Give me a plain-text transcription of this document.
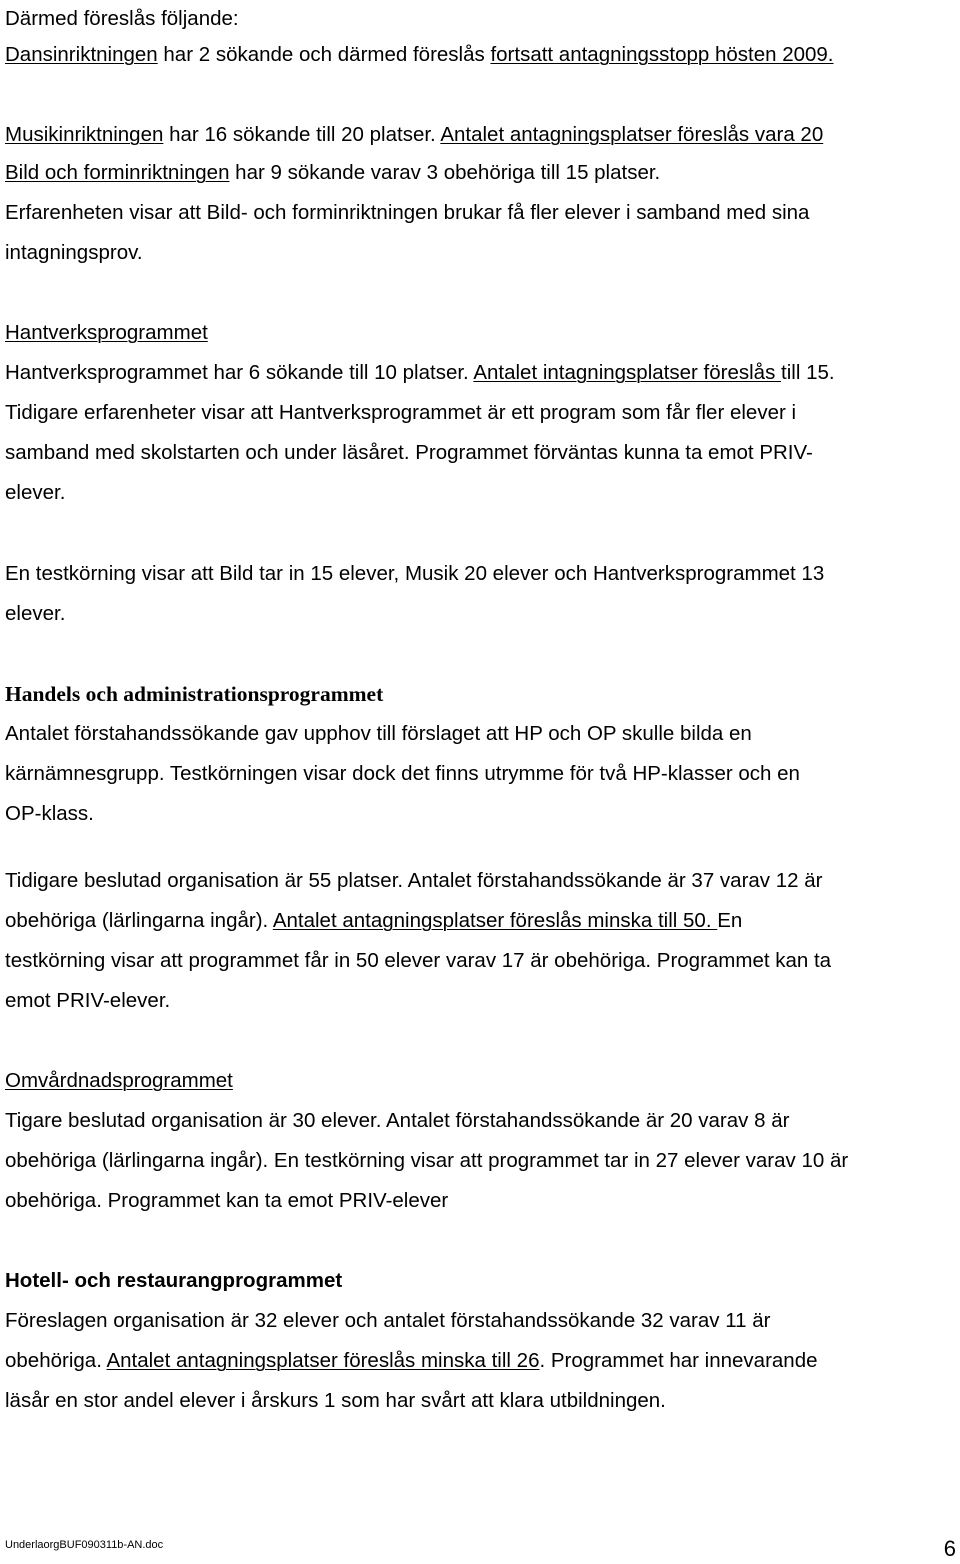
Därmed föreslås följande:
Dansinriktningen har 2 sökande och därmed föreslås fortsatt antagningsstopp hösten 2009.
Musikinriktningen har 16 sökande till 20 platser. Antalet antagningsplatser föreslås vara 20
Bild och forminriktningen har 9 sökande varav 3 obehöriga till 15 platser.
Erfarenheten visar att Bild- och forminriktningen brukar få fler elever i samband med sina
intagningsprov.
Hantverksprogrammet
Hantverksprogrammet har 6 sökande till 10 platser. Antalet intagningsplatser föreslås till 15.
Tidigare erfarenheter visar att Hantverksprogrammet är ett program som får fler elever i
samband med skolstarten och under läsåret. Programmet förväntas kunna ta emot PRIV-
elever.
En testkörning visar att Bild tar in 15 elever, Musik 20 elever och Hantverksprogrammet 13
elever.
Handels och administrationsprogrammet
Antalet förstahandssökande gav upphov till förslaget att HP och OP skulle bilda en
kärnämnesgrupp. Testkörningen visar dock det finns utrymme för två HP-klasser och en
OP-klass.
Tidigare beslutad organisation är 55 platser. Antalet förstahandssökande är 37 varav 12 är
obehöriga (lärlingarna ingår). Antalet antagningsplatser föreslås minska till 50. En
testkörning visar att programmet får in 50 elever varav 17 är obehöriga. Programmet kan ta
emot PRIV-elever.
Omvårdnadsprogrammet
Tigare beslutad organisation är 30 elever. Antalet förstahandssökande är 20 varav 8 är
obehöriga (lärlingarna ingår). En testkörning visar att programmet tar in 27 elever varav 10 är
obehöriga. Programmet kan ta emot PRIV-elever
Hotell- och restaurangprogrammet
Föreslagen organisation är 32 elever och antalet förstahandssökande 32 varav 11 är
obehöriga. Antalet antagningsplatser föreslås minska till 26. Programmet har innevarande
läsår en stor andel elever i årskurs 1 som har svårt att klara utbildningen.
UnderlaorgBUF090311b-AN.doc	6
